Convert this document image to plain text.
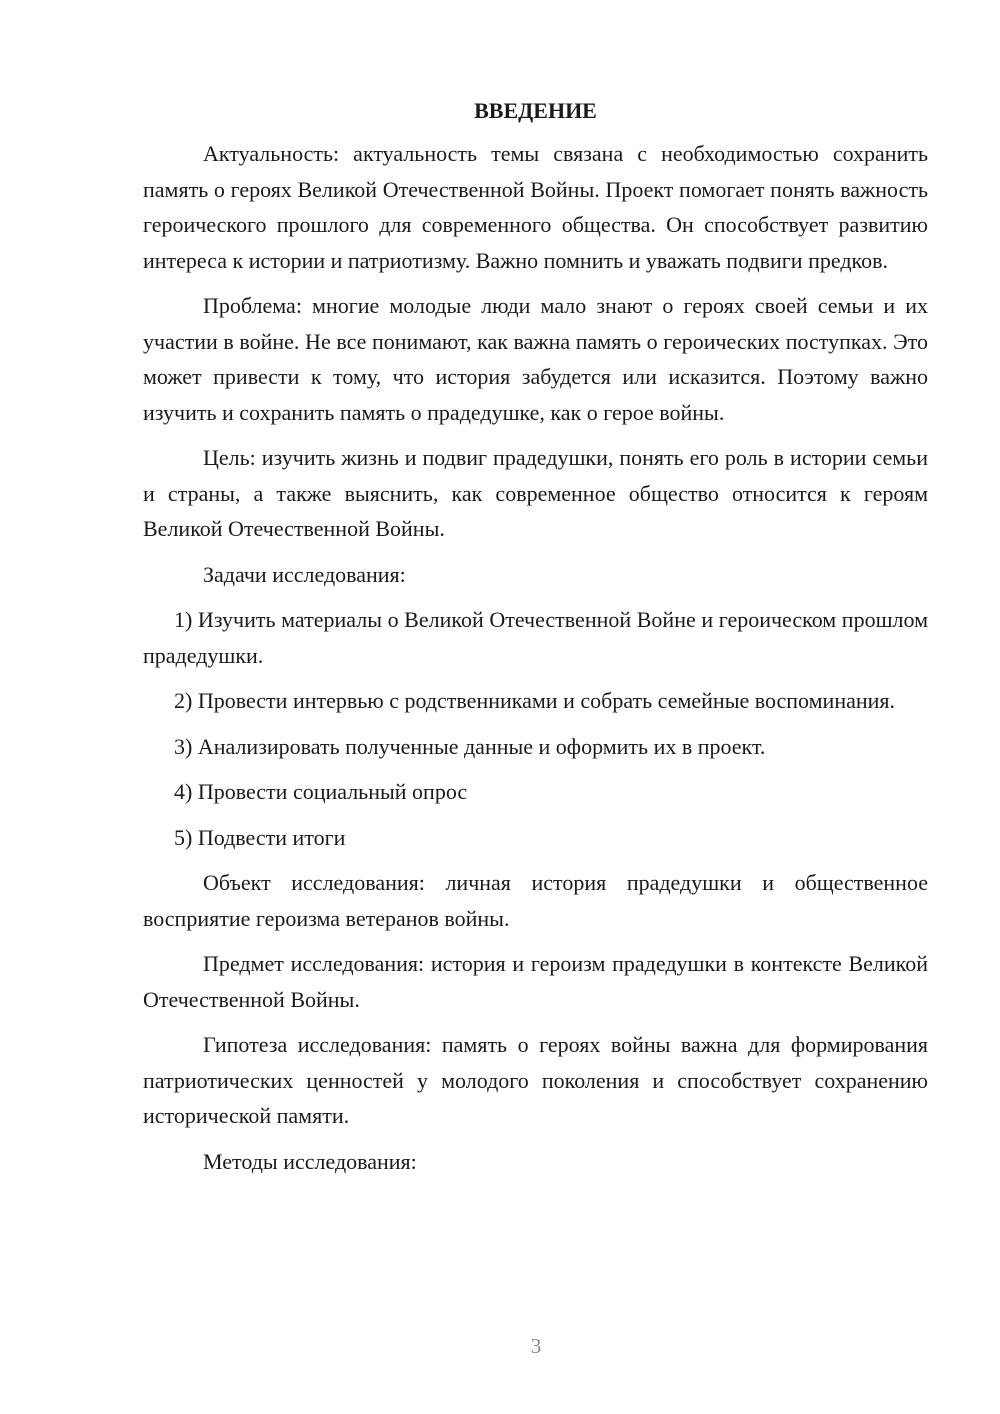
ВВЕДЕНИЕ

Актуальность: актуальность темы связана с необходимостью сохранить память о героях Великой Отечественной Войны. Проект помогает понять важность героического прошлого для современного общества. Он способствует развитию интереса к истории и патриотизму. Важно помнить и уважать подвиги предков.

Проблема: многие молодые люди мало знают о героях своей семьи и их участии в войне. Не все понимают, как важна память о героических поступках. Это может привести к тому, что история забудется или исказится. Поэтому важно изучить и сохранить память о прадедушке, как о герое войны.

Цель: изучить жизнь и подвиг прадедушки, понять его роль в истории семьи и страны, а также выяснить, как современное общество относится к героям Великой Отечественной Войны.

Задачи исследования:

1) Изучить материалы о Великой Отечественной Войне и героическом прошлом прадедушки.

2) Провести интервью с родственниками и собрать семейные воспоминания.

3) Анализировать полученные данные и оформить их в проект.

4) Провести социальный опрос

5) Подвести итоги

Объект исследования: личная история прадедушки и общественное восприятие героизма ветеранов войны.

Предмет исследования: история и героизм прадедушки в контексте Великой Отечественной Войны.

Гипотеза исследования: память о героях войны важна для формирования патриотических ценностей у молодого поколения и способствует сохранению исторической памяти.

Методы исследования:

3
